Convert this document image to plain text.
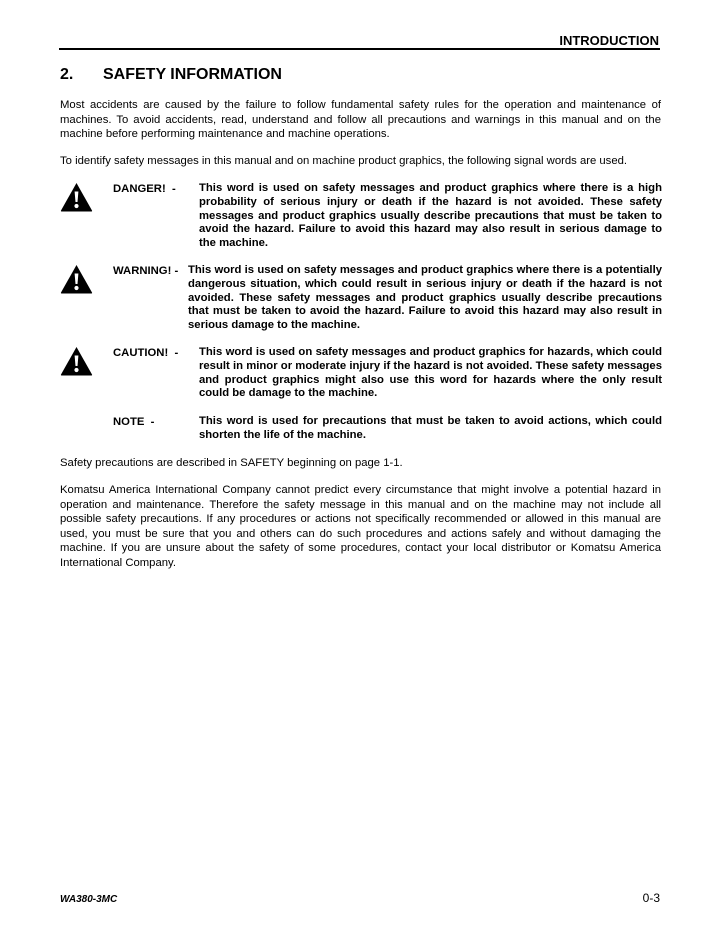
INTRODUCTION
2. SAFETY INFORMATION
Most accidents are caused by the failure to follow fundamental safety rules for the operation and maintenance of machines. To avoid accidents, read, understand and follow all precautions and warnings in this manual and on the machine before performing maintenance and machine operations.
To identify safety messages in this manual and on machine product graphics, the following signal words are used.
DANGER!  - This word is used on safety messages and product graphics where there is a high probability of serious injury or death if the hazard is not avoided. These safety messages and product graphics usually describe precautions that must be taken to avoid the hazard. Failure to avoid this hazard may also result in serious damage to the machine.
WARNING! - This word is used on safety messages and product graphics where there is a potentially dangerous situation, which could result in serious injury or death if the hazard is not avoided. These safety messages and product graphics usually describe precautions that must be taken to avoid the hazard. Failure to avoid this hazard may also result in serious damage to the machine.
CAUTION!  - This word is used on safety messages and product graphics for hazards, which could result in minor or moderate injury if the hazard is not avoided. These safety messages and product graphics might also use this word for hazards where the only result could be damage to the machine.
NOTE  -	This word is used for precautions that must be taken to avoid actions, which could shorten the life of the machine.
Safety precautions are described in SAFETY beginning on page 1-1.
Komatsu America International Company cannot predict every circumstance that might involve a potential hazard in operation and maintenance. Therefore the safety message in this manual and on the machine may not include all possible safety precautions. If any procedures or actions not specifically recommended or allowed in this manual are used, you must be sure that you and others can do such procedures and actions safely and without damaging the machine. If you are unsure about the safety of some procedures, contact your local distributor or Komatsu America International Company.
WA380-3MC	0-3
